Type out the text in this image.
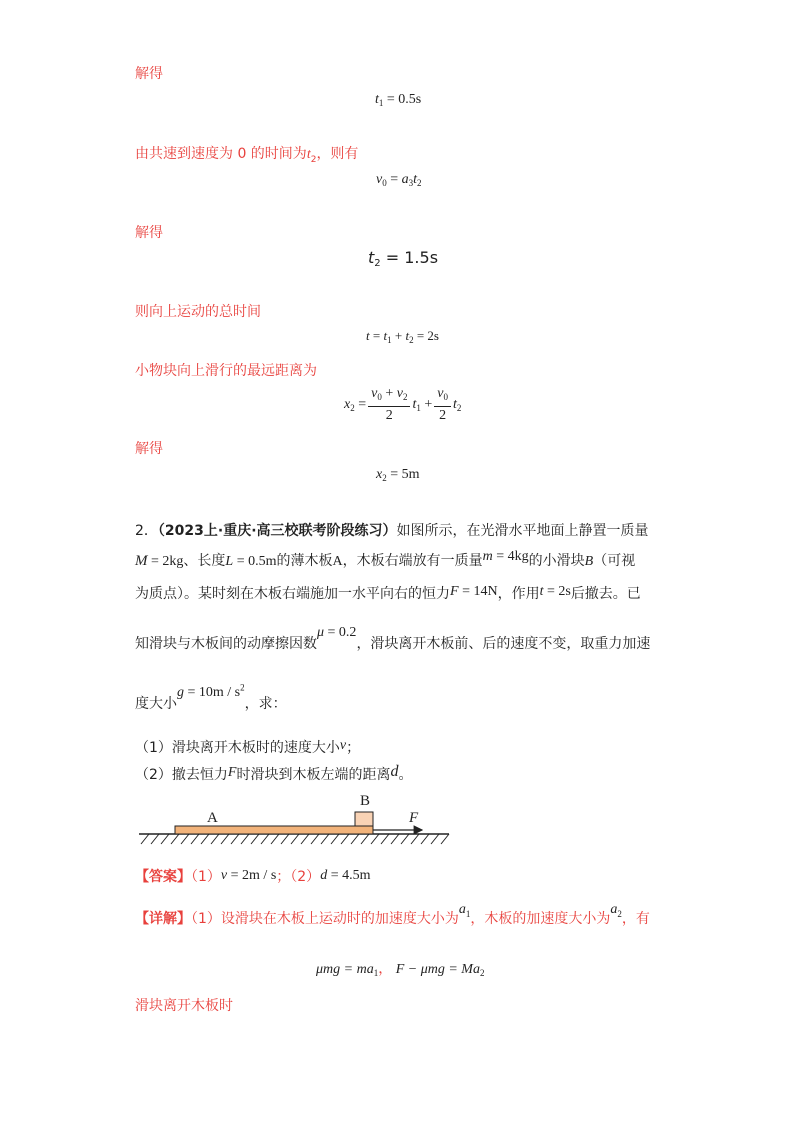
解得
$t_1 = 0.5s$
由共速到速度为 0 的时间为$t_2$，则有
$v_0 = a_3t_2$
解得
$t_2 = 1.5s$
则向上运动的总时间
$t = t_1 + t_2 = 2s$
小物块向上滑行的最远距离为
$x_2 = \frac{v_0 + v_2}{2} t_1 + \frac{v_0}{2} t_2$
解得
$x_2 = 5m$
2．（2023上·重庆·高三校联考阶段练习）如图所示，在光滑水平地面上静置一质量
M = 2kg、长度L = 0.5m的薄木板A，木板右端放有一质量m = 4kg的小滑块B（可视
为质点）。某时刻在木板右端施加一水平向右的恒力F = 14N，作用t = 2s后撤去。已
知滑块与木板间的动摩擦因数μ = 0.2，滑块离开木板前、后的速度不变，取重力加速
度大小$g = 10m / s^2$，求：
（1）滑块离开木板时的速度大小v；
（2）撤去恒力F时滑块到木板左端的距离d。
A
B
F
【答案】（1）v = 2m / s；（2）d = 4.5m
【详解】（1）设滑块在木板上运动时的加速度大小为$a_1$，木板的加速度大小为$a_2$，有
$\mu mg = ma_1$， $F - \mu mg = Ma_2$
滑块离开木板时
